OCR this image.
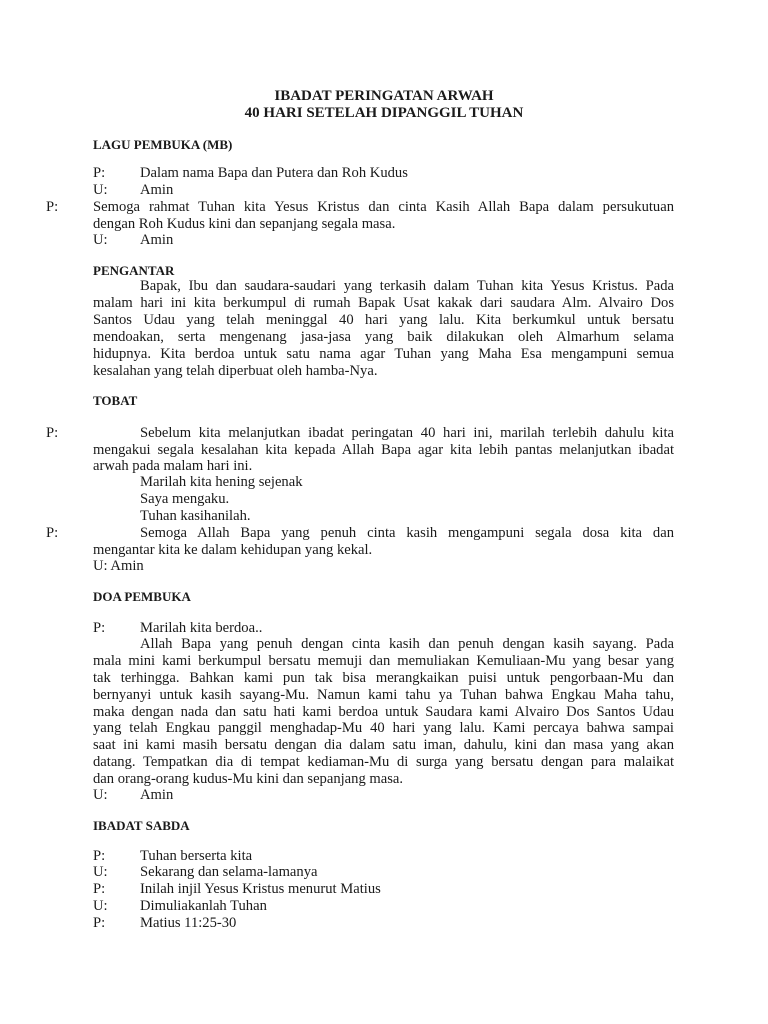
IBADAT PERINGATAN ARWAH
40 HARI SETELAH DIPANGGIL TUHAN
LAGU PEMBUKA (MB)
P: Dalam nama Bapa dan Putera dan Roh Kudus
U: Amin
P: Semoga rahmat Tuhan kita Yesus Kristus dan cinta Kasih Allah Bapa dalam persukutuan
dengan Roh Kudus kini dan sepanjang segala masa.
U: Amin
PENGANTAR
Bapak, Ibu dan saudara-saudari yang terkasih dalam Tuhan kita Yesus Kristus. Pada
malam hari ini kita berkumpul di rumah Bapak Usat kakak dari saudara Alm. Alvairo Dos
Santos Udau yang telah meninggal 40 hari yang lalu. Kita berkumkul untuk bersatu
mendoakan, serta mengenang jasa-jasa yang baik dilakukan oleh Almarhum selama
hidupnya. Kita berdoa untuk satu nama agar Tuhan yang Maha Esa mengampuni semua
kesalahan yang telah diperbuat oleh hamba-Nya.
TOBAT
P:	Sebelum kita melanjutkan ibadat peringatan 40 hari ini, marilah terlebih dahulu kita
mengakui segala kesalahan kita kepada Allah Bapa agar kita lebih pantas melanjutkan ibadat
arwah pada malam hari ini.
Marilah kita hening sejenak
Saya mengaku.
Tuhan kasihanilah.
P:	Semoga Allah Bapa yang penuh cinta kasih mengampuni segala dosa kita dan
mengantar kita ke dalam kehidupan yang kekal.
U: Amin
DOA PEMBUKA
P: Marilah kita berdoa..
Allah Bapa yang penuh dengan cinta kasih dan penuh dengan kasih sayang. Pada
mala mini kami berkumpul bersatu memuji dan memuliakan Kemuliaan-Mu yang besar yang
tak terhingga. Bahkan kami pun tak bisa merangkaikan puisi untuk pengorbaan-Mu dan
bernyanyi untuk kasih sayang-Mu. Namun kami tahu ya Tuhan bahwa Engkau Maha tahu,
maka dengan nada dan satu hati kami berdoa untuk Saudara kami Alvairo Dos Santos Udau
yang telah Engkau panggil menghadap-Mu 40 hari yang lalu. Kami percaya bahwa sampai
saat ini kami masih bersatu dengan dia dalam satu iman, dahulu, kini dan masa yang akan
datang. Tempatkan dia di tempat kediaman-Mu di surga yang bersatu dengan para malaikat
dan orang-orang kudus-Mu kini dan sepanjang masa.
U: Amin
IBADAT SABDA
P: Tuhan berserta kita
U: Sekarang dan selama-lamanya
P: Inilah injil Yesus Kristus menurut Matius
U: Dimuliakanlah Tuhan
P: Matius 11:25-30
